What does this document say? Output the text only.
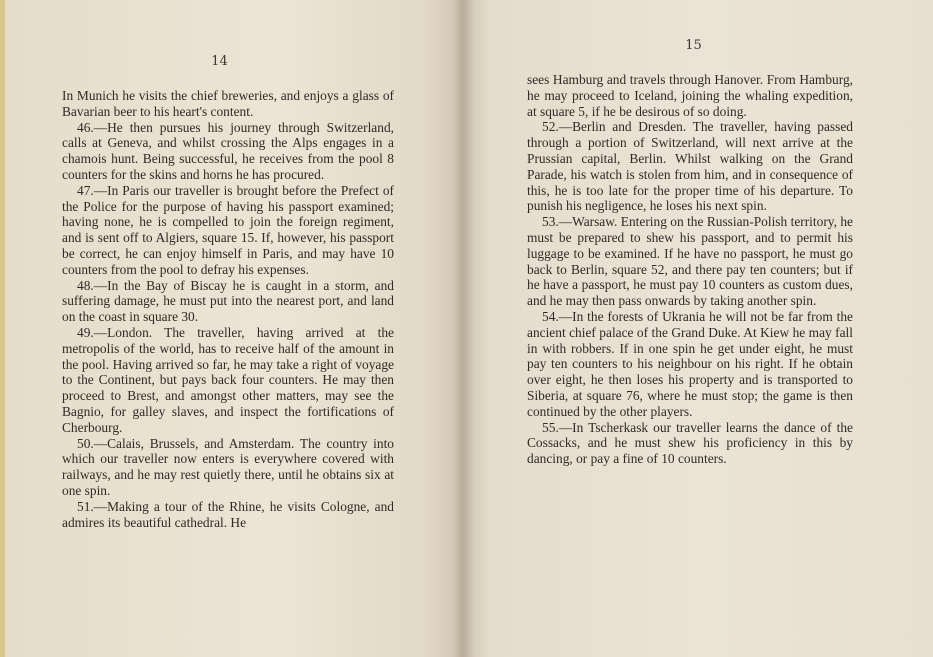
14

In Munich he visits the chief breweries, and enjoys a glass of Bavarian beer to his heart's content.

46.—He then pursues his journey through Switzerland, calls at Geneva, and whilst crossing the Alps engages in a chamois hunt. Being successful, he receives from the pool 8 counters for the skins and horns he has procured.

47.—In Paris our traveller is brought before the Prefect of the Police for the purpose of having his passport examined; having none, he is compelled to join the foreign regiment, and is sent off to Algiers, square 15. If, however, his passport be correct, he can enjoy himself in Paris, and may have 10 counters from the pool to defray his expenses.

48.—In the Bay of Biscay he is caught in a storm, and suffering damage, he must put into the nearest port, and land on the coast in square 30.

49.—London. The traveller, having arrived at the metropolis of the world, has to receive half of the amount in the pool. Having arrived so far, he may take a right of voyage to the Continent, but pays back four counters. He may then proceed to Brest, and amongst other matters, may see the Bagnio, for galley slaves, and inspect the fortifications of Cherbourg.

50.—Calais, Brussels, and Amsterdam. The country into which our traveller now enters is everywhere covered with railways, and he may rest quietly there, until he obtains six at one spin.

51.—Making a tour of the Rhine, he visits Cologne, and admires its beautiful cathedral. He

15

sees Hamburg and travels through Hanover. From Hamburg, he may proceed to Iceland, joining the whaling expedition, at square 5, if he be desirous of so doing.

52.—Berlin and Dresden. The traveller, having passed through a portion of Switzerland, will next arrive at the Prussian capital, Berlin. Whilst walking on the Grand Parade, his watch is stolen from him, and in consequence of this, he is too late for the proper time of his departure. To punish his negligence, he loses his next spin.

53.—Warsaw. Entering on the Russian-Polish territory, he must be prepared to shew his passport, and to permit his luggage to be examined. If he have no passport, he must go back to Berlin, square 52, and there pay ten counters; but if he have a passport, he must pay 10 counters as custom dues, and he may then pass onwards by taking another spin.

54.—In the forests of Ukrania he will not be far from the ancient chief palace of the Grand Duke. At Kiew he may fall in with robbers. If in one spin he get under eight, he must pay ten counters to his neighbour on his right. If he obtain over eight, he then loses his property and is transported to Siberia, at square 76, where he must stop; the game is then continued by the other players.

55.—In Tscherkask our traveller learns the dance of the Cossacks, and he must shew his proficiency in this by dancing, or pay a fine of 10 counters.
